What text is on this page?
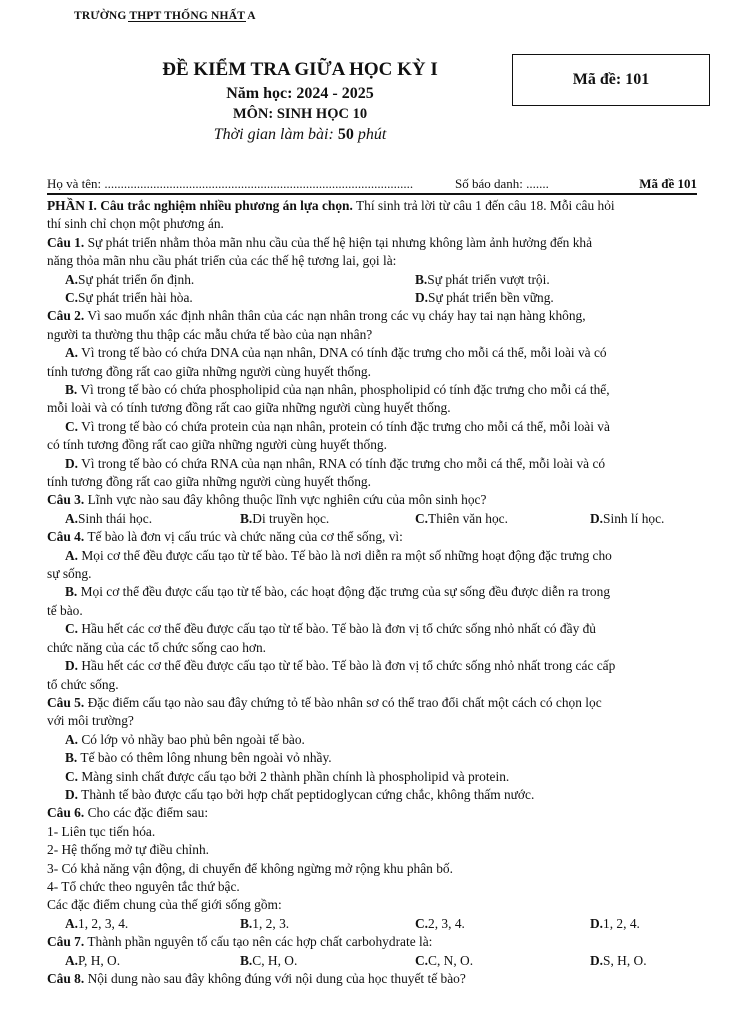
TRƯỜNG THPT THỐNG NHẤT A
ĐỀ KIỂM TRA GIỮA HỌC KỲ I
Năm học: 2024 - 2025
MÔN: SINH HỌC 10
Thời gian làm bài: 50 phút
Mã đề: 101
Họ và tên: ...............................................................................................	Số báo danh: .......	Mã đề 101

PHẦN I. Câu trắc nghiệm nhiều phương án lựa chọn. Thí sinh trả lời từ câu 1 đến câu 18. Mỗi câu hỏi

thí sinh chỉ chọn một phương án.

Câu 1. Sự phát triển nhằm thỏa mãn nhu cầu của thế hệ hiện tại nhưng không làm ảnh hưởng đến khả

năng thỏa mãn nhu cầu phát triển của các thế hệ tương lai, gọi là:

A. Sự phát triển ổn định.	B. Sự phát triển vượt trội.
C. Sự phát triển hài hòa.	D. Sự phát triển bền vững.

Câu 2. Vì sao muốn xác định nhân thân của các nạn nhân trong các vụ cháy hay tai nạn hàng không,

người ta thường thu thập các mẫu chứa tế bào của nạn nhân?

A. Vì trong tế bào có chứa DNA của nạn nhân, DNA có tính đặc trưng cho mỗi cá thể, mỗi loài và có

tính tương đồng rất cao giữa những người cùng huyết thống.

B. Vì trong tế bào có chứa phospholipid của nạn nhân, phospholipid có tính đặc trưng cho mỗi cá thể,

mỗi loài và có tính tương đồng rất cao giữa những người cùng huyết thống.

C. Vì trong tế bào có chứa protein của nạn nhân, protein có tính đặc trưng cho mỗi cá thể, mỗi loài và

có tính tương đồng rất cao giữa những người cùng huyết thống.

D. Vì trong tế bào có chứa RNA của nạn nhân, RNA có tính đặc trưng cho mỗi cá thể, mỗi loài và có

tính tương đồng rất cao giữa những người cùng huyết thống.

Câu 3. Lĩnh vực nào sau đây không thuộc lĩnh vực nghiên cứu của môn sinh học?

A. Sinh thái học.	B. Di truyền học.	C. Thiên văn học.	D. Sinh lí học.

Câu 4. Tế bào là đơn vị cấu trúc và chức năng của cơ thể sống, vì:

A. Mọi cơ thể đều được cấu tạo từ tế bào. Tế bào là nơi diễn ra một số những hoạt động đặc trưng cho

sự sống.

B. Mọi cơ thể đều được cấu tạo từ tế bào, các hoạt động đặc trưng của sự sống đều được diễn ra trong

tế bào.

C. Hầu hết các cơ thể đều được cấu tạo từ tế bào. Tế bào là đơn vị tổ chức sống nhỏ nhất có đầy đủ

chức năng của các tổ chức sống cao hơn.

D. Hầu hết các cơ thể đều được cấu tạo từ tế bào. Tế bào là đơn vị tổ chức sống nhỏ nhất trong các cấp

tổ chức sống.

Câu 5. Đặc điểm cấu tạo nào sau đây chứng tỏ tế bào nhân sơ có thể trao đổi chất một cách có chọn lọc

với môi trường?

A. Có lớp vỏ nhầy bao phủ bên ngoài tế bào.

B. Tế bào có thêm lông nhung bên ngoài vỏ nhầy.

C. Màng sinh chất được cấu tạo bởi 2 thành phần chính là phospholipid và protein.

D. Thành tế bào được cấu tạo bởi hợp chất peptidoglycan cứng chắc, không thấm nước.

Câu 6. Cho các đặc điểm sau:

1- Liên tục tiến hóa.

2- Hệ thống mở tự điều chỉnh.

3- Có khả năng vận động, di chuyển để không ngừng mở rộng khu phân bố.

4- Tổ chức theo nguyên tắc thứ bậc.

Các đặc điểm chung của thế giới sống gồm:

A. 1, 2, 3, 4.	B. 1, 2, 3.	C. 2, 3, 4.	D. 1, 2, 4.

Câu 7. Thành phần nguyên tố cấu tạo nên các hợp chất carbohydrate là:

A. P, H, O.	B. C, H, O.	C. C, N, O.	D. S, H, O.

Câu 8. Nội dung nào sau đây không đúng với nội dung của học thuyết tế bào?
